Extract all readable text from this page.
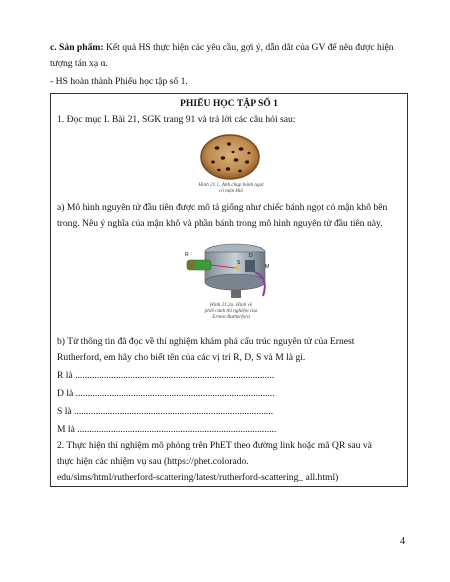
c. Sản phẩm: Kết quả HS thực hiện các yêu cầu, gợi ý, dẫn dắt của GV để nêu được hiện
tượng tán xạ α.
- HS hoàn thành Phiếu học tập số 1.
PHIẾU HỌC TẬP SỐ 1
1. Đọc mục I. Bài 21, SGK trang 91 và trả lời các câu hỏi sau:
Hình 21.1. Ảnh chụp bánh ngọt
có mận khô
a) Mô hình nguyên tử đầu tiên được mô tả giống như chiếc bánh ngọt có mận khô bên
trong. Nêu ý nghĩa của mận khô và phần bánh trong mô hình nguyên tử đầu tiên này.
R	D
S
M
Hình 21.2a. Hình vẽ
phối cảnh thí nghiệm của
Ernest Rutherford
b) Từ thông tin đã đọc về thí nghiệm khám phá cấu trúc nguyên tử của Ernest
Rutherford, em hãy cho biết tên của các vị trí R, D, S và M là gì.
R là ...................................................................................
D là ...................................................................................
S là ...................................................................................
M là ...................................................................................
2. Thực hiện thí nghiệm mô phỏng trên PhET theo đường link hoặc mã QR sau và
thực hiện các nhiệm vụ sau (https://phet.colorado.
edu/sims/html/rutherford-scattering/latest/rutherford-scattering_ all.html)
4
